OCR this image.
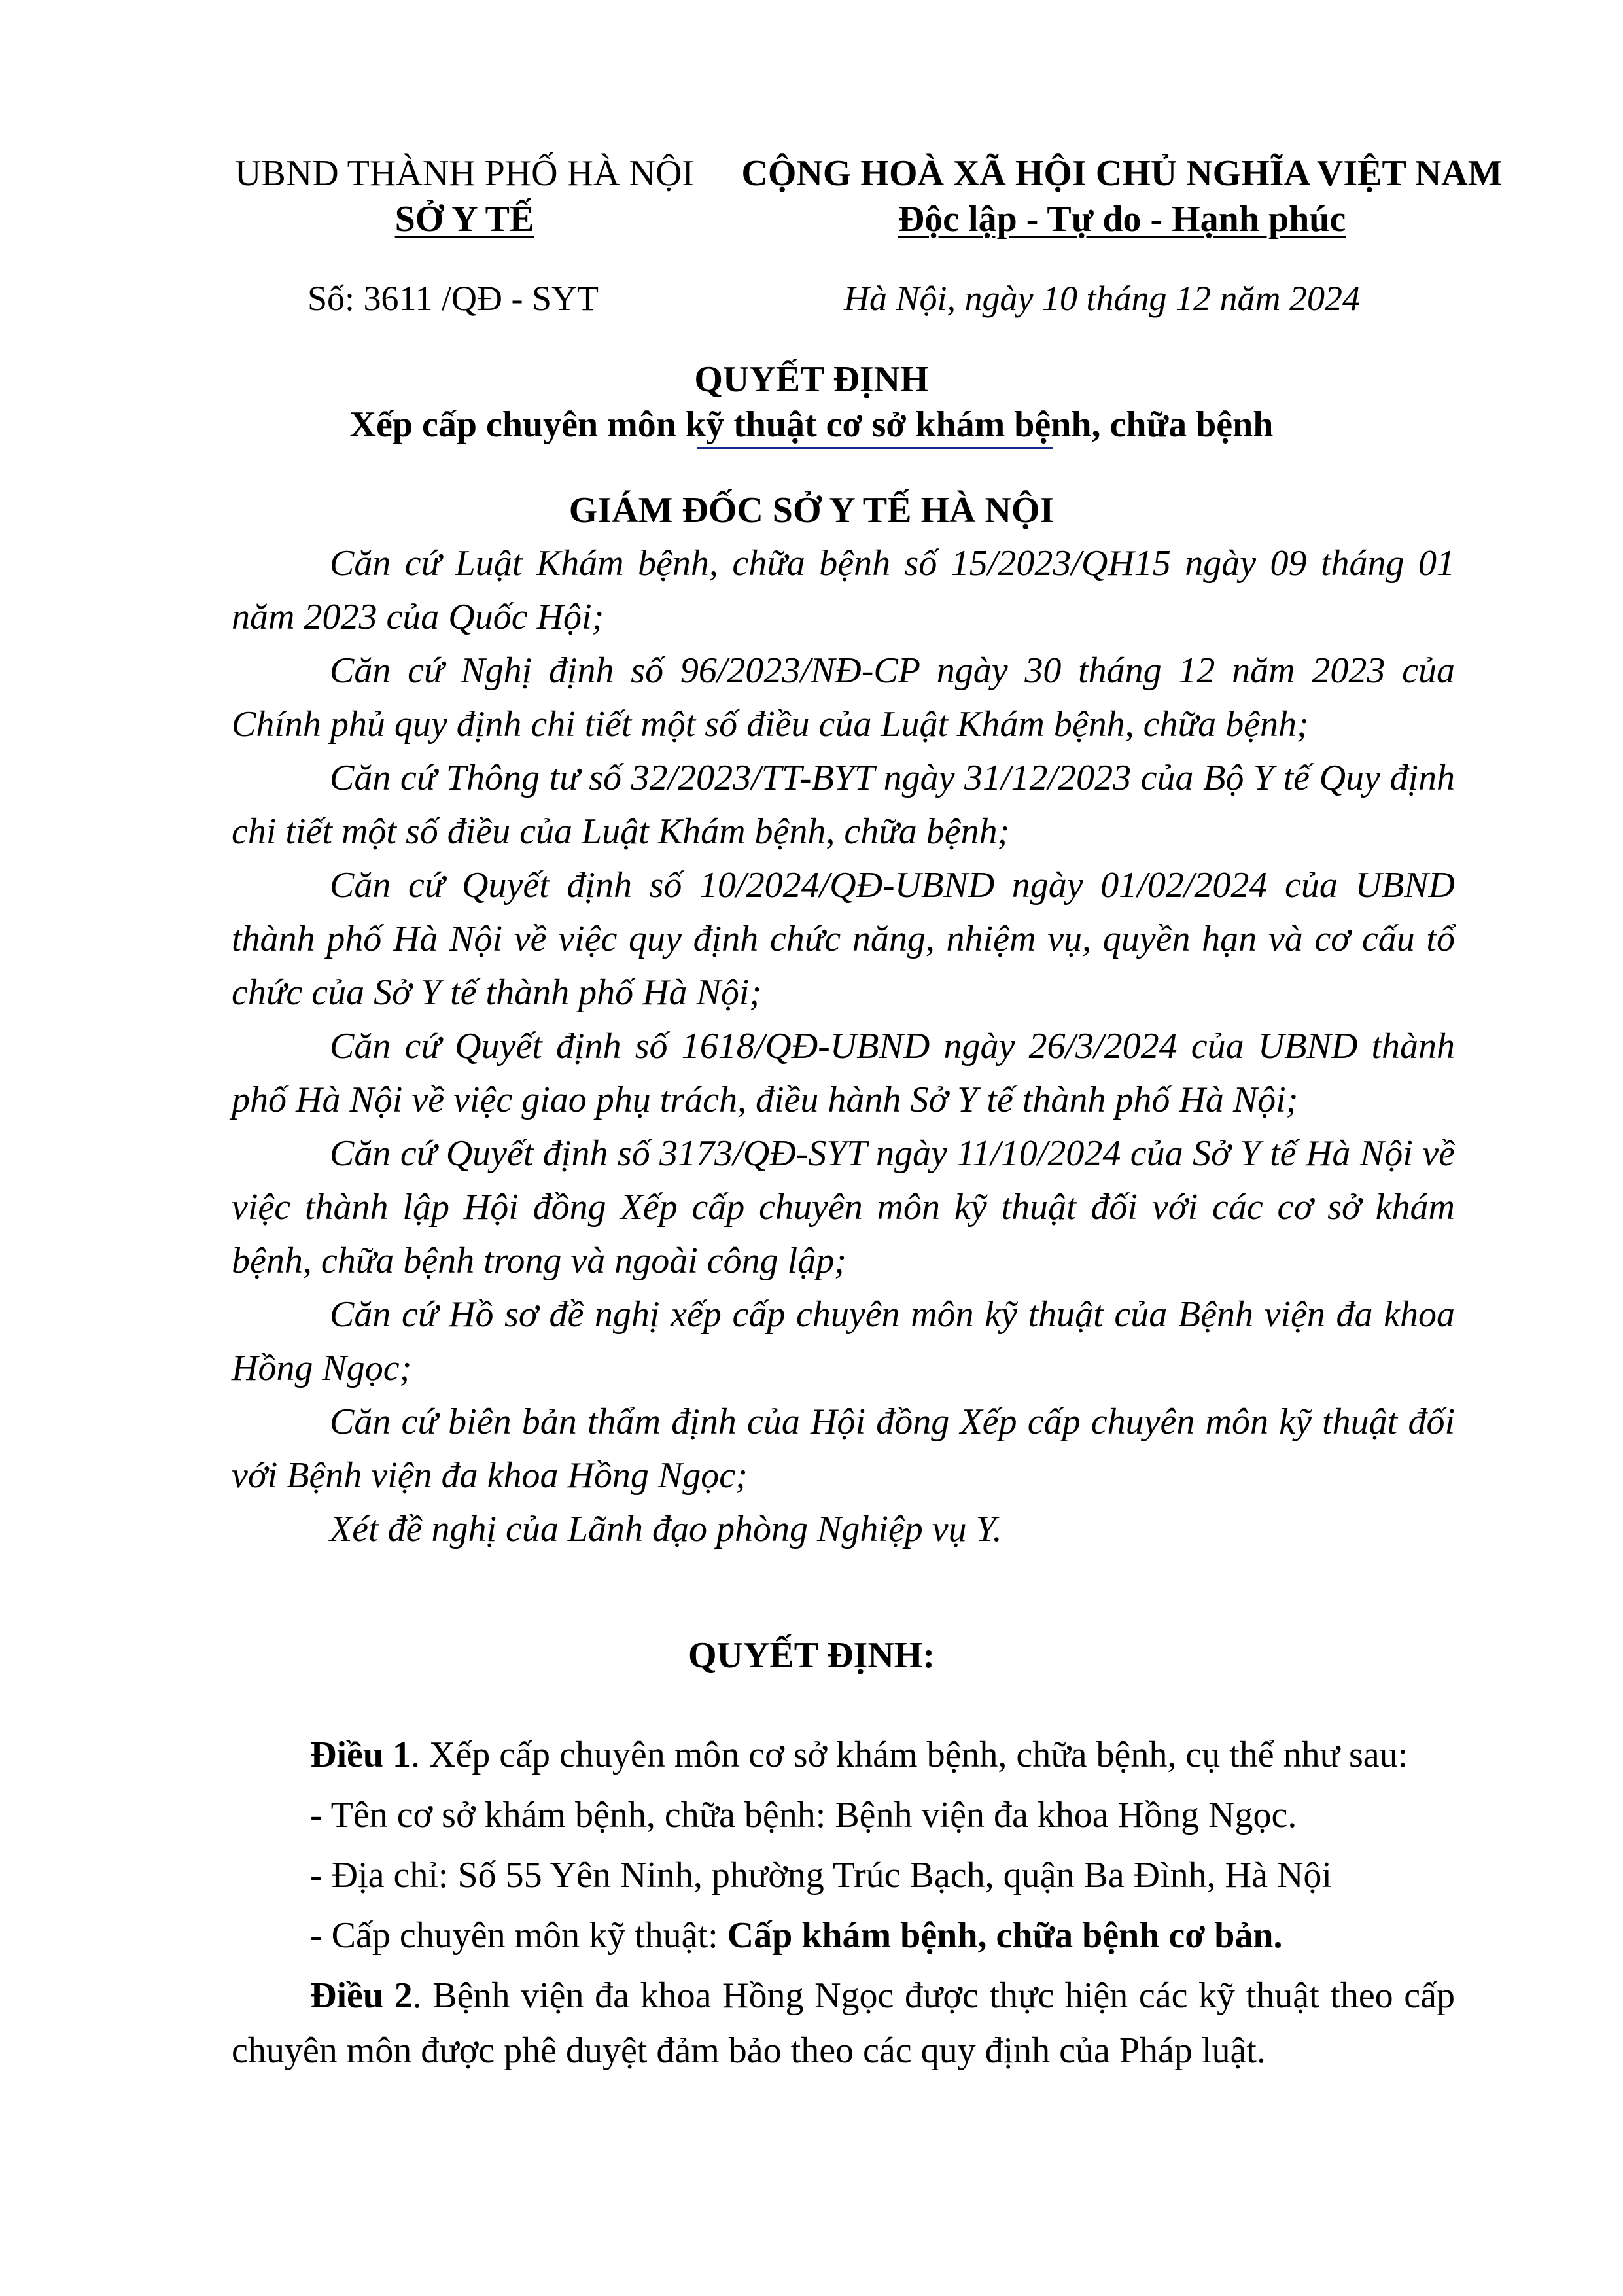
UBND THÀNH PHỐ HÀ NỘI
SỞ Y TẾ
CỘNG HOÀ XÃ HỘI CHỦ NGHĨA VIỆT NAM
Độc lập - Tự do - Hạnh phúc
Số: 3611 /QĐ - SYT	Hà Nội, ngày 10 tháng 12 năm 2024
QUYẾT ĐỊNH
Xếp cấp chuyên môn kỹ thuật cơ sở khám bệnh, chữa bệnh
GIÁM ĐỐC SỞ Y TẾ HÀ NỘI

Căn cứ Luật Khám bệnh, chữa bệnh số 15/2023/QH15 ngày 09 tháng 01 năm 2023 của Quốc Hội;

Căn cứ Nghị định số 96/2023/NĐ-CP ngày 30 tháng 12 năm 2023 của Chính phủ quy định chi tiết một số điều của Luật Khám bệnh, chữa bệnh;

Căn cứ Thông tư số 32/2023/TT-BYT ngày 31/12/2023 của Bộ Y tế Quy định chi tiết một số điều của Luật Khám bệnh, chữa bệnh;

Căn cứ Quyết định số 10/2024/QĐ-UBND ngày 01/02/2024 của UBND thành phố Hà Nội về việc quy định chức năng, nhiệm vụ, quyền hạn và cơ cấu tổ chức của Sở Y tế thành phố Hà Nội;

Căn cứ Quyết định số 1618/QĐ-UBND ngày 26/3/2024 của UBND thành phố Hà Nội về việc giao phụ trách, điều hành Sở Y tế thành phố Hà Nội;

Căn cứ Quyết định số 3173/QĐ-SYT ngày 11/10/2024 của Sở Y tế Hà Nội về việc thành lập Hội đồng Xếp cấp chuyên môn kỹ thuật đối với các cơ sở khám bệnh, chữa bệnh trong và ngoài công lập;

Căn cứ Hồ sơ đề nghị xếp cấp chuyên môn kỹ thuật của Bệnh viện đa khoa Hồng Ngọc;

Căn cứ biên bản thẩm định của Hội đồng Xếp cấp chuyên môn kỹ thuật đối với Bệnh viện đa khoa Hồng Ngọc;

Xét đề nghị của Lãnh đạo phòng Nghiệp vụ Y.

QUYẾT ĐỊNH:

Điều 1. Xếp cấp chuyên môn cơ sở khám bệnh, chữa bệnh, cụ thể như sau:

- Tên cơ sở khám bệnh, chữa bệnh: Bệnh viện đa khoa Hồng Ngọc.

- Địa chỉ: Số 55 Yên Ninh, phường Trúc Bạch, quận Ba Đình, Hà Nội

- Cấp chuyên môn kỹ thuật: Cấp khám bệnh, chữa bệnh cơ bản.

Điều 2. Bệnh viện đa khoa Hồng Ngọc được thực hiện các kỹ thuật theo cấp chuyên môn được phê duyệt đảm bảo theo các quy định của Pháp luật.
